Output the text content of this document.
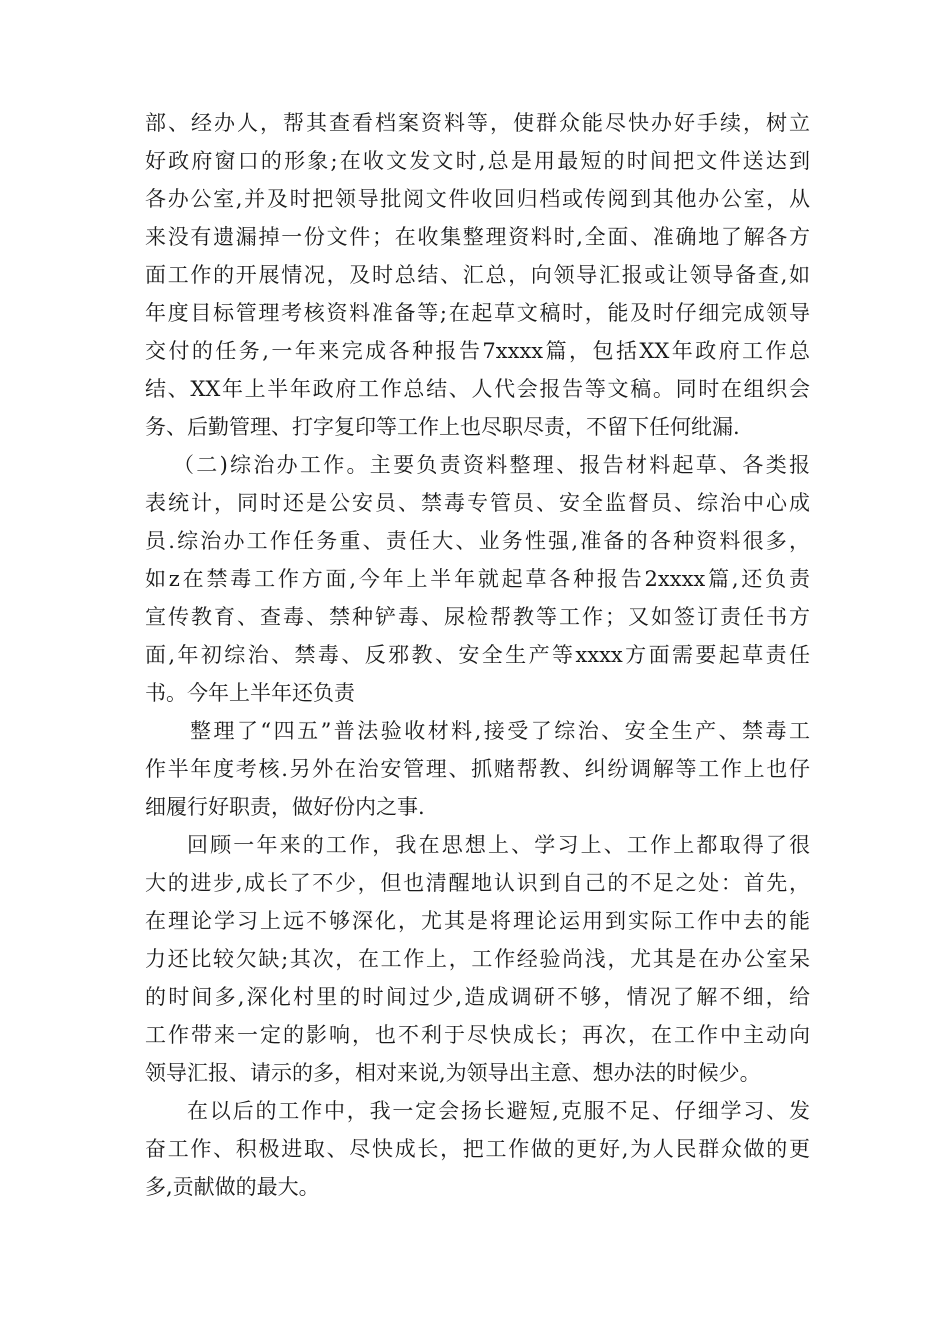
部、经办人，帮其查看档案资料等，使群众能尽快办好手续，树立
好政府窗口的形象;在收文发文时,总是用最短的时间把文件送达到
各办公室,并及时把领导批阅文件收回归档或传阅到其他办公室，从
来没有遗漏掉一份文件；在收集整理资料时,全面、准确地了解各方
面工作的开展情况，及时总结、汇总，向领导汇报或让领导备查,如
年度目标管理考核资料准备等;在起草文稿时，能及时仔细完成领导
交付的任务,一年来完成各种报告7xxxx篇，包括XX年政府工作总
结、XX年上半年政府工作总结、人代会报告等文稿。同时在组织会
务、后勤管理、打字复印等工作上也尽职尽责，不留下任何纰漏.
（二)综治办工作。主要负责资料整理、报告材料起草、各类报
表统计，同时还是公安员、禁毒专管员、安全监督员、综治中心成
员.综治办工作任务重、责任大、业务性强,准备的各种资料很多，
如z在禁毒工作方面,今年上半年就起草各种报告2xxxx篇,还负责
宣传教育、查毒、禁种铲毒、尿检帮教等工作；又如签订责任书方
面,年初综治、禁毒、反邪教、安全生产等xxxx方面需要起草责任
书。今年上半年还负责
整理了“四五”普法验收材料,接受了综治、安全生产、禁毒工
作半年度考核.另外在治安管理、抓赌帮教、纠纷调解等工作上也仔
细履行好职责，做好份内之事.
回顾一年来的工作，我在思想上、学习上、工作上都取得了很
大的进步,成长了不少，但也清醒地认识到自己的不足之处：首先，
在理论学习上远不够深化，尤其是将理论运用到实际工作中去的能
力还比较欠缺;其次，在工作上，工作经验尚浅，尤其是在办公室呆
的时间多,深化村里的时间过少,造成调研不够，情况了解不细，给
工作带来一定的影响，也不利于尽快成长；再次，在工作中主动向
领导汇报、请示的多，相对来说,为领导出主意、想办法的时候少。
在以后的工作中，我一定会扬长避短,克服不足、仔细学习、发
奋工作、积极进取、尽快成长，把工作做的更好,为人民群众做的更
多,贡献做的最大。
